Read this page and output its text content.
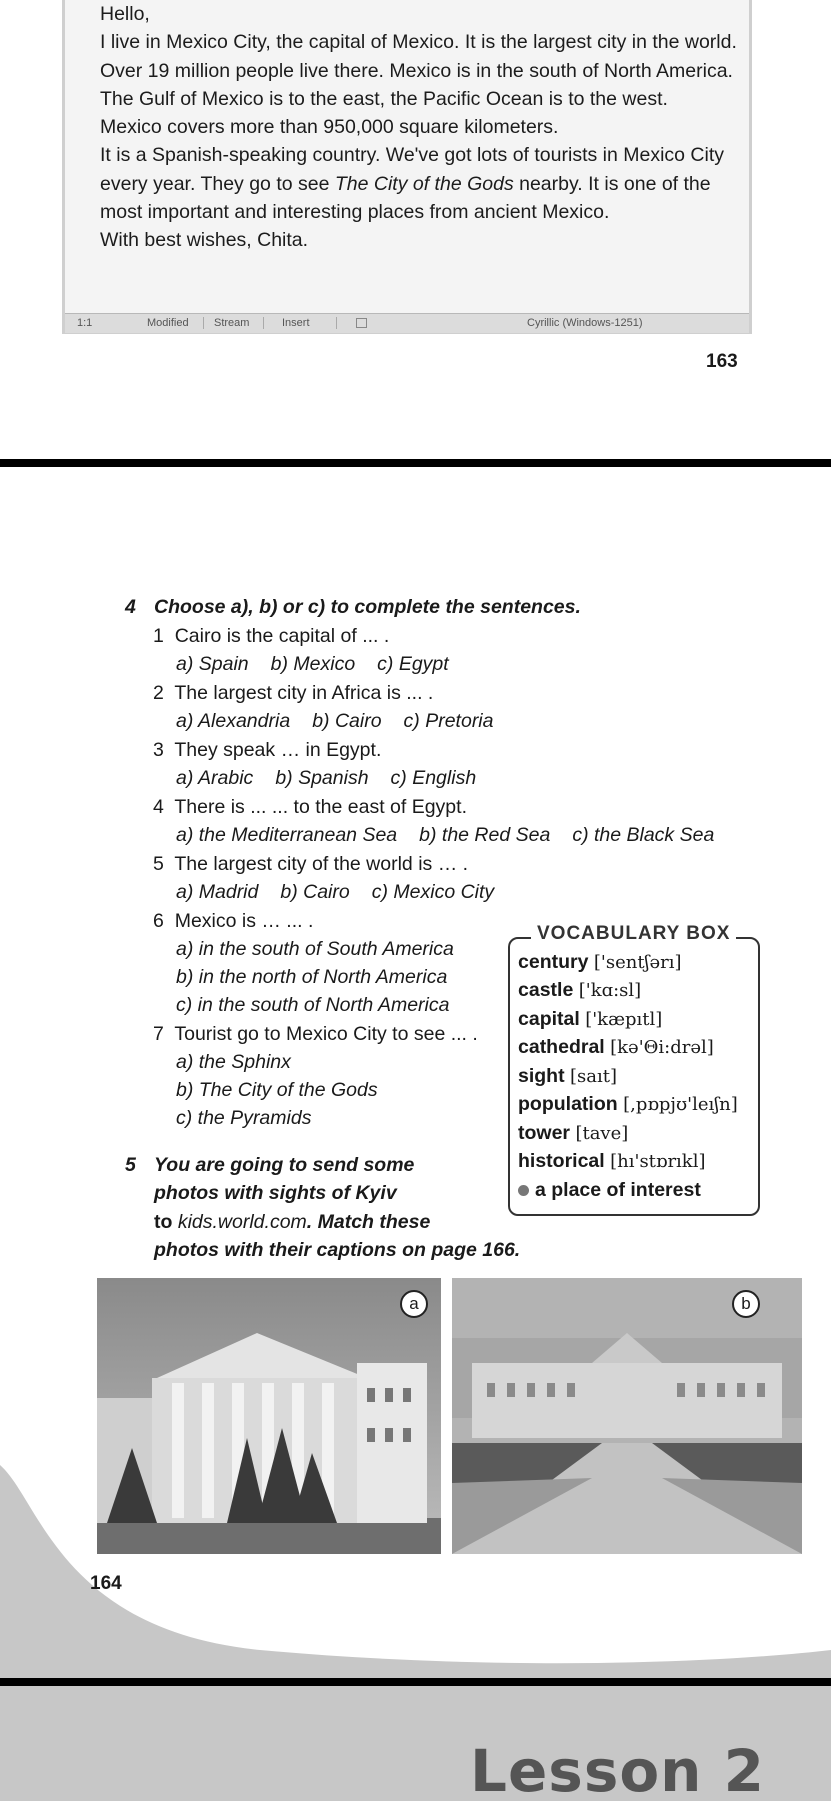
Hello,

I live in Mexico City, the capital of Mexico. It is the largest city in the world. Over 19 million people live there. Mexico is in the south of North America. The Gulf of Mexico is to the east, the Pacific Ocean is to the west.

Mexico covers more than 950,000 square kilometers.

It is a Spanish-speaking country. We've got lots of tourists in Mexico City every year. They go to see The City of the Gods nearby. It is one of the most important and interesting places from ancient Mexico.

With best wishes, Chita.

1:1	Modified	Stream	Insert	Cyrillic (Windows-1251)
163
4 Choose a), b) or c) to complete the sentences.
1 Cairo is the capital of ... .
a) Spain b) Mexico c) Egypt
2 The largest city in Africa is ... .
a) Alexandria b) Cairo c) Pretoria
3 They speak … in Egypt.
a) Arabic b) Spanish c) English
4 There is ... ... to the east of Egypt.
a) the Mediterranean Sea b) the Red Sea c) the Black Sea
5 The largest city of the world is … .
a) Madrid b) Cairo c) Mexico City
6 Mexico is … ... .
a) in the south of South America
b) in the north of North America
c) in the south of North America
7 Tourist go to Mexico City to see ... .
a) the Sphinx
b) The City of the Gods
c) the Pyramids
VOCABULARY BOX
century ['sentʃərı]
castle ['kɑ:sl]
capital ['kæpıtl]
cathedral [kə'Θi:drəl]
sight [saıt]
population [,pɒpjʊ'leıʃn]
tower [tave]
historical [hı'stɒrıkl]
a place of interest
5 You are going to send some
photos with sights of Kyiv
to kids.world.com. Match these
photos with their captions on page 166.
a	b
164
Lesson 2
